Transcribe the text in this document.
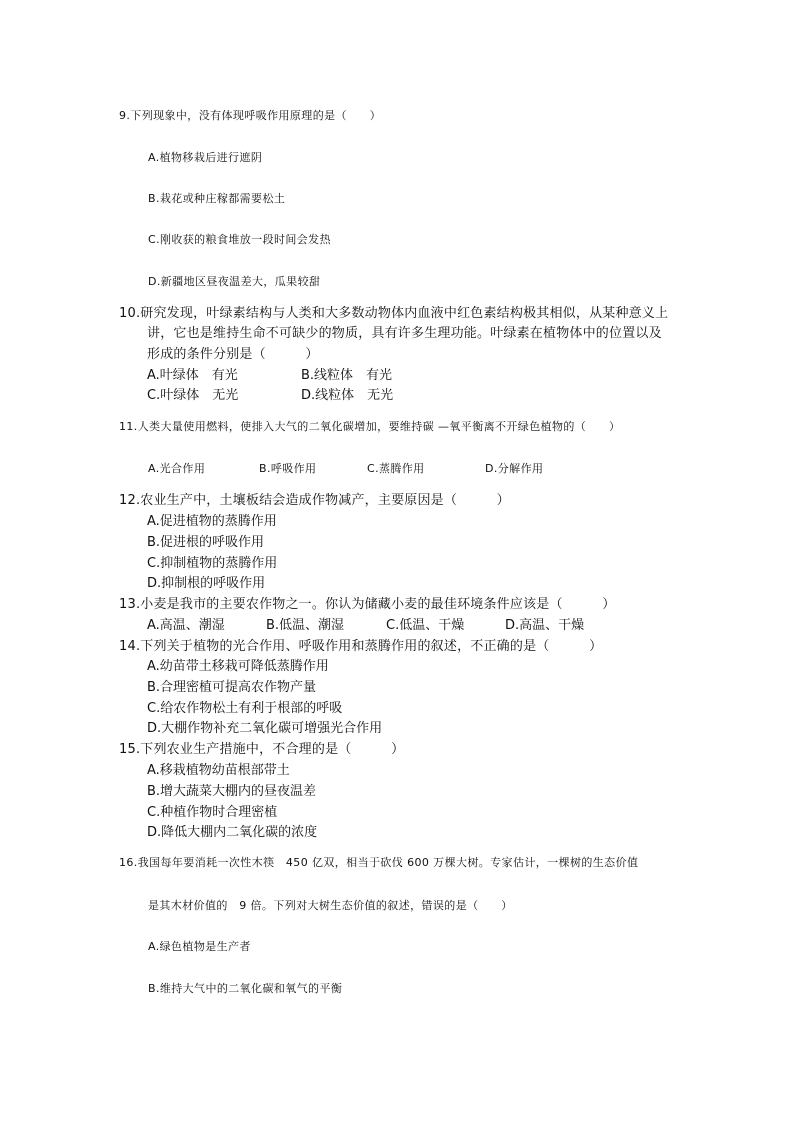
9.下列现象中，没有体现呼吸作用原理的是（　　）
A.植物移栽后进行遮阴
B.栽花或种庄稼都需要松土
C.刚收获的粮食堆放一段时间会发热
D.新疆地区昼夜温差大，瓜果较甜
10.研究发现，叶绿素结构与人类和大多数动物体内血液中红色素结构极其相似，从某种意义上
讲，它也是维持生命不可缺少的物质，具有许多生理功能。叶绿素在植物体中的位置以及
形成的条件分别是（　　　）
A.叶绿体　有光	B.线粒体　有光
C.叶绿体　无光	D.线粒体　无光
11.人类大量使用燃料，使排入大气的二氧化碳增加，要维持碳 —氧平衡离不开绿色植物的（　　）
A.光合作用	B.呼吸作用	C.蒸腾作用	D.分解作用
12.农业生产中，土壤板结会造成作物减产，主要原因是（　　　）
A.促进植物的蒸腾作用
B.促进根的呼吸作用
C.抑制植物的蒸腾作用
D.抑制根的呼吸作用
13.小麦是我市的主要农作物之一。你认为储藏小麦的最佳环境条件应该是（　　　）
A.高温、潮湿	B.低温、潮湿	C.低温、干燥	D.高温、干燥
14.下列关于植物的光合作用、呼吸作用和蒸腾作用的叙述，不正确的是（　　　）
A.幼苗带土移栽可降低蒸腾作用
B.合理密植可提高农作物产量
C.给农作物松土有利于根部的呼吸
D.大棚作物补充二氧化碳可增强光合作用
15.下列农业生产措施中，不合理的是（　　　）
A.移栽植物幼苗根部带土
B.增大蔬菜大棚内的昼夜温差
C.种植作物时合理密植
D.降低大棚内二氧化碳的浓度
16.我国每年要消耗一次性木筷　450 亿双，相当于砍伐 600 万棵大树。专家估计，一棵树的生态价值
是其木材价值的　9 倍。下列对大树生态价值的叙述，错误的是（　　）
A.绿色植物是生产者
B.维持大气中的二氧化碳和氧气的平衡
